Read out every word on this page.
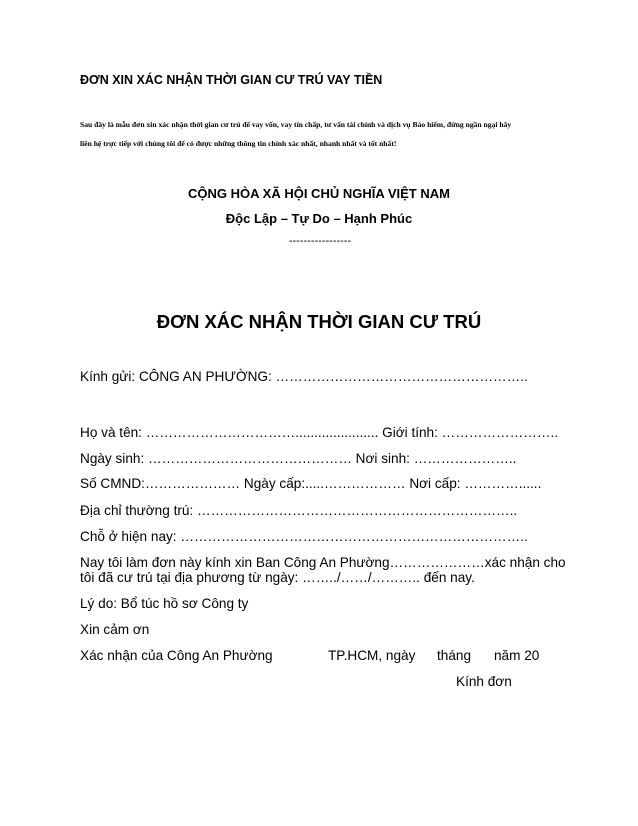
ĐƠN XIN XÁC NHẬN THỜI GIAN CƯ TRÚ VAY TIỀN
Sau đây là mẫu đơn xin xác nhận thời gian cư trú để vay vốn, vay tín chấp, tư vấn tài chính và dịch vụ Bảo hiểm, đừng ngần ngại hãy
liên hệ trực tiếp với chúng tôi để có được những thông tin chính xác nhất, nhanh nhất và tốt nhất!
CỘNG HÒA XÃ HỘI CHỦ NGHĨA VIỆT NAM
Độc Lập – Tự Do – Hạnh Phúc
-----------------
ĐƠN XÁC NHẬN THỜI GIAN CƯ TRÚ
Kính gửi: CÔNG AN PHƯỜNG: ………………………………………………..
Họ và tên: ……………………………...................... Giới tính: ……………………..
Ngày sinh: ……………………………………… Nơi sinh: …………………..
Số CMND:………………… Ngày cấp:.....……………… Nơi cấp: …………......
Địa chỉ thường trú: ……………………………………………………………..
Chỗ ở hiện nay: …………………………………………………………………..
Nay tôi làm đơn này kính xin Ban Công An Phường…………………xác nhận cho
tôi đã cư trú tại địa phương từ ngày: ……../……/……….. đến nay.
Lý do: Bổ túc hồ sơ Công ty
Xin cảm ơn
Xác nhận của Công An Phường	TP.HCM, ngày tháng năm 20
Kính đơn
